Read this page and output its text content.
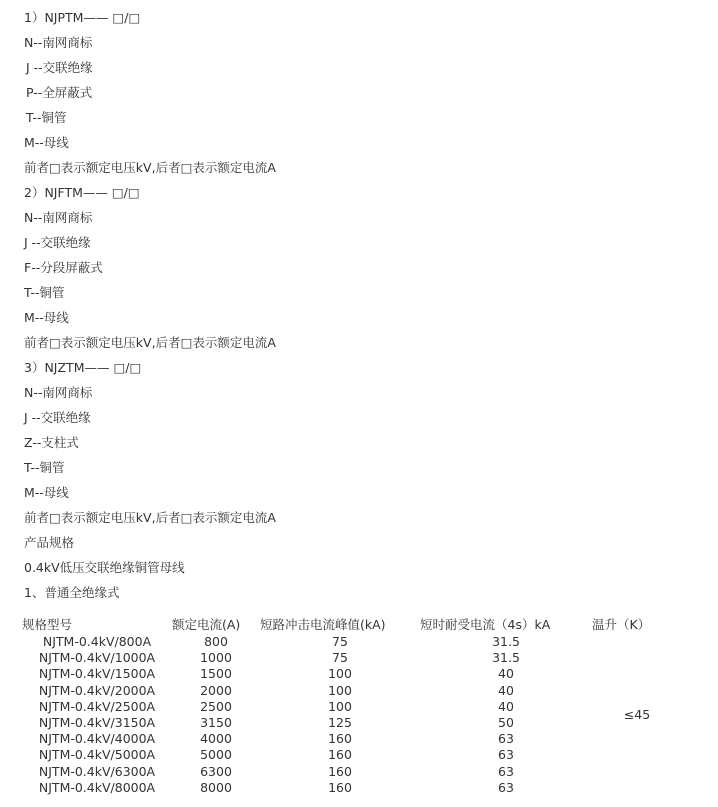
1）NJPTM—— □/□
N--南网商标
J --交联绝缘
P--全屏蔽式
T--铜管
M--母线
前者□表示额定电压kV,后者□表示额定电流A
2）NJFTM—— □/□
N--南网商标
J --交联绝缘
F--分段屏蔽式
T--铜管
M--母线
前者□表示额定电压kV,后者□表示额定电流A
3）NJZTM—— □/□
N--南网商标
J --交联绝缘
Z--支柱式
T--铜管
M--母线
前者□表示额定电压kV,后者□表示额定电流A
产品规格
0.4kV低压交联绝缘铜管母线
1、普通全绝缘式
规格型号	额定电流(A)	短路冲击电流峰值(kA)	短时耐受电流（4s）kA	温升（K）
NJTM-0.4kV/800A	800	75	31.5	≤45
NJTM-0.4kV/1000A	1000	75	31.5	
NJTM-0.4kV/1500A	1500	100	40	
NJTM-0.4kV/2000A	2000	100	40	
NJTM-0.4kV/2500A	2500	100	40	
NJTM-0.4kV/3150A	3150	125	50	
NJTM-0.4kV/4000A	4000	160	63	
NJTM-0.4kV/5000A	5000	160	63	
NJTM-0.4kV/6300A	6300	160	63	
NJTM-0.4kV/8000A	8000	160	63	
